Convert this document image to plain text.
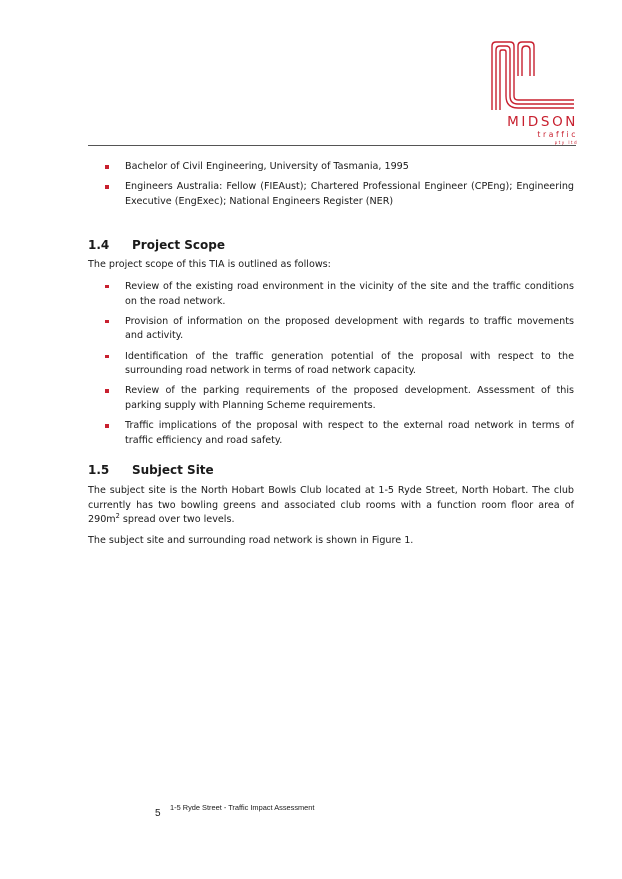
MIDSON
traffic
pty ltd
Bachelor of Civil Engineering, University of Tasmania, 1995
Engineers Australia: Fellow (FIEAust); Chartered Professional Engineer (CPEng); Engineering Executive (EngExec); National Engineers Register (NER)
1.4 Project Scope

The project scope of this TIA is outlined as follows:

Review of the existing road environment in the vicinity of the site and the traffic conditions on the road network.
Provision of information on the proposed development with regards to traffic movements and activity.
Identification of the traffic generation potential of the proposal with respect to the surrounding road network in terms of road network capacity.
Review of the parking requirements of the proposed development. Assessment of this parking supply with Planning Scheme requirements.
Traffic implications of the proposal with respect to the external road network in terms of traffic efficiency and road safety.
1.5 Subject Site

The subject site is the North Hobart Bowls Club located at 1-5 Ryde Street, North Hobart. The club currently has two bowling greens and associated club rooms with a function room floor area of $290m^2$ spread over two levels.

The subject site and surrounding road network is shown in Figure 1.

5
1-5 Ryde Street - Traffic Impact Assessment
